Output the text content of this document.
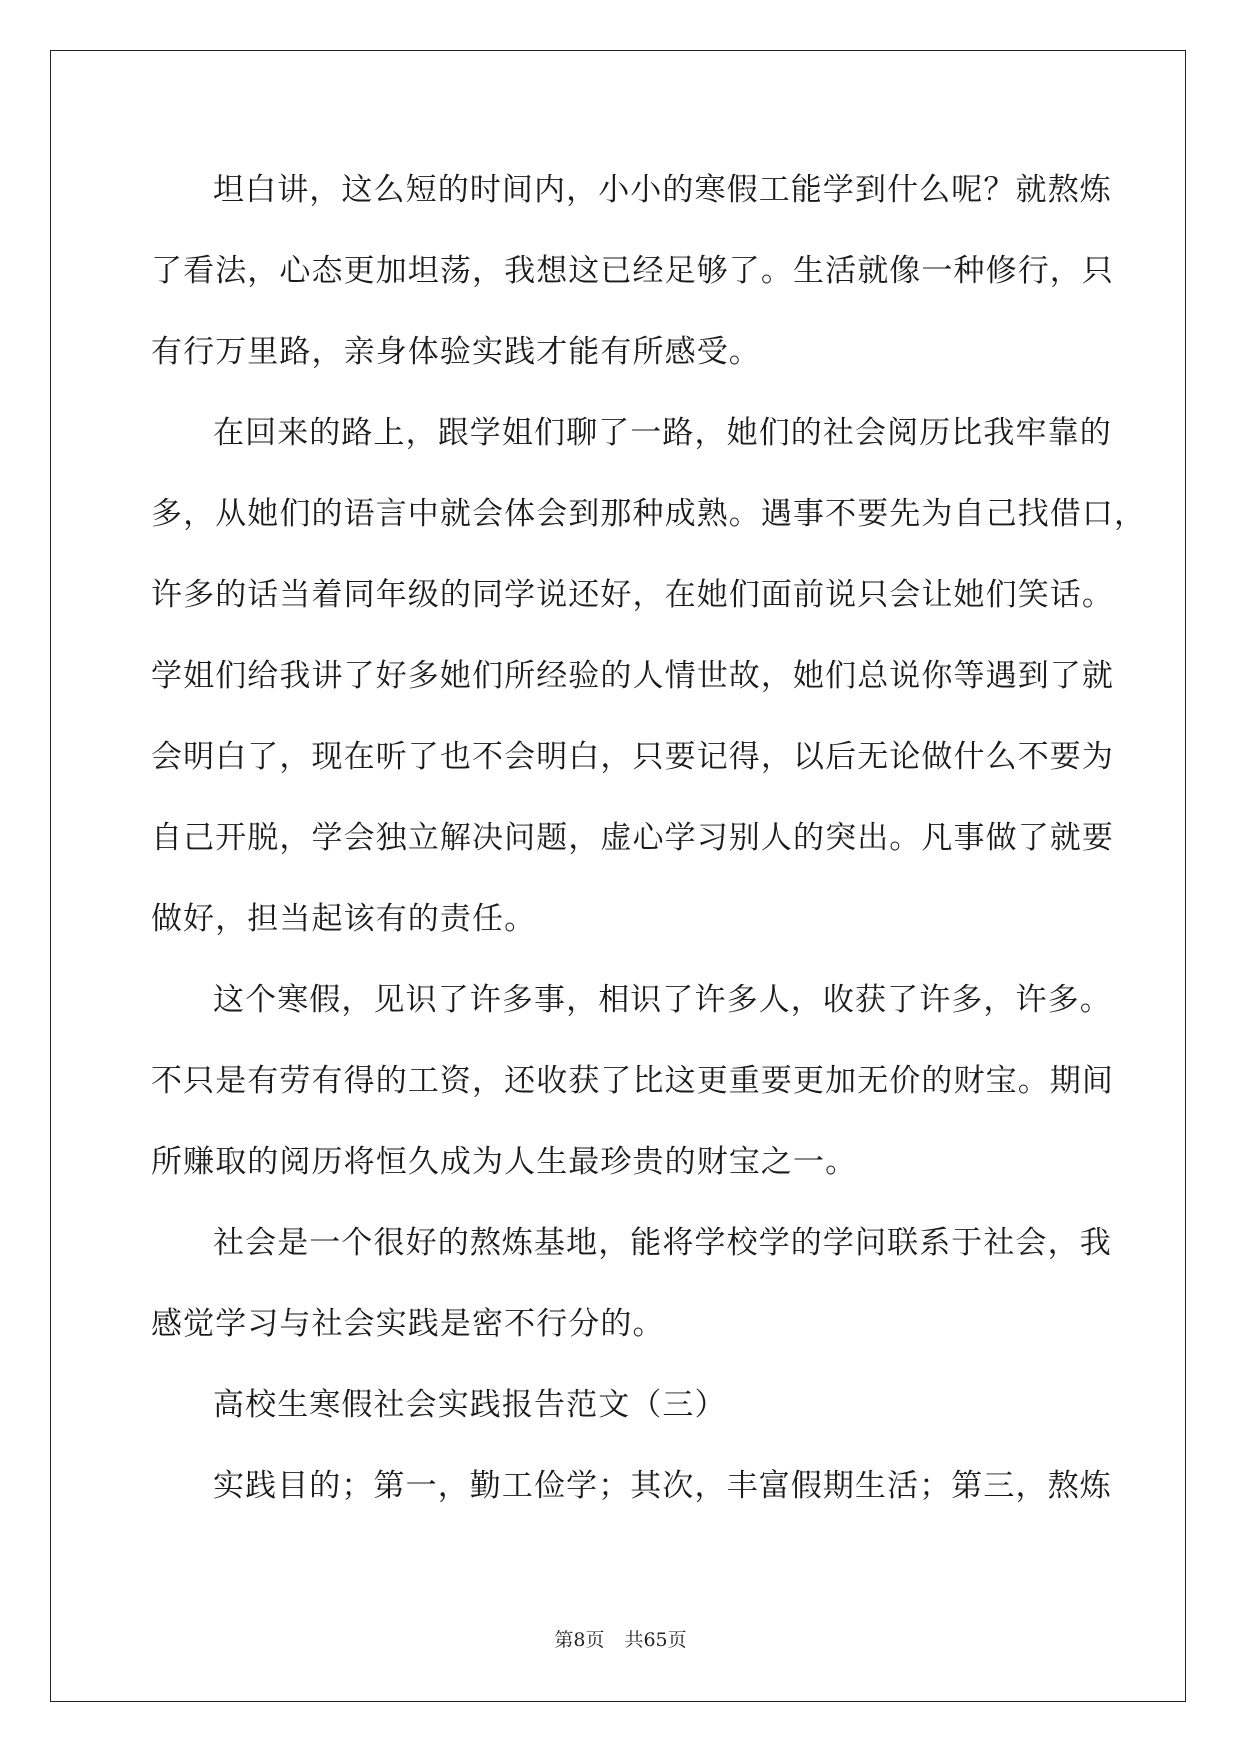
坦白讲，这么短的时间内，小小的寒假工能学到什么呢？就熬炼
了看法，心态更加坦荡，我想这已经足够了。生活就像一种修行，只
有行万里路，亲身体验实践才能有所感受。
在回来的路上，跟学姐们聊了一路，她们的社会阅历比我牢靠的
多，从她们的语言中就会体会到那种成熟。遇事不要先为自己找借口，
许多的话当着同年级的同学说还好，在她们面前说只会让她们笑话。
学姐们给我讲了好多她们所经验的人情世故，她们总说你等遇到了就
会明白了，现在听了也不会明白，只要记得，以后无论做什么不要为
自己开脱，学会独立解决问题，虚心学习别人的突出。凡事做了就要
做好，担当起该有的责任。
这个寒假，见识了许多事，相识了许多人，收获了许多，许多。
不只是有劳有得的工资，还收获了比这更重要更加无价的财宝。期间
所赚取的阅历将恒久成为人生最珍贵的财宝之一。
社会是一个很好的熬炼基地，能将学校学的学问联系于社会，我
感觉学习与社会实践是密不行分的。
高校生寒假社会实践报告范文（三）
实践目的；第一，勤工俭学；其次，丰富假期生活；第三，熬炼
第8页 共65页
